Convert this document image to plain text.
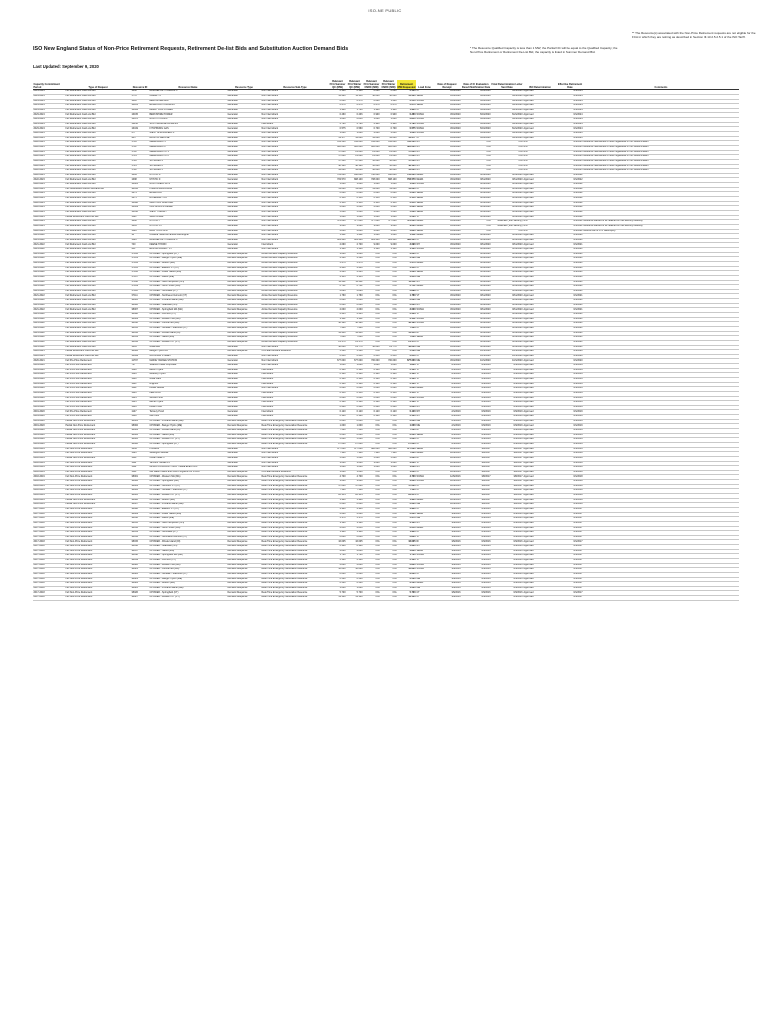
ISO-NE PUBLIC
ISO New England Status of Non-Price Retirement Requests, Retirement De-list Bids and Substitution Auction Demand Bids
Last Updated: September 9, 2020
* The Resource Qualified Capacity is less than 1 MW; the Partial NC will be equal to the Qualified Capacity; the Non-Price Retirement or Retirement De-List Bid, the capacity is listed in Summer Demand Bid.
** The Resource(s) associated with the Non-Price Retirement requests are not eligible for the FCA in which they are retiring as described in Section III.13.2.5.2.5.1 of the ISO Tariff.
Capacity Commitment Period	Type of Request	Resource ID	Resource Name	Resource Type	Resource Sub-Type	Relevant FCA Summer QC (MW)	Relevant FCA Winter QC (MW)	Relevant FCA Summer CNRC (MW)	Relevant FCA Winter CNRC (MW)	Retirement MW Requested	Load Zone	Date of Request Receipt	Date of IC Evaluation Result Notification Date	Final Determination Letter Sent Date	ISO Determination	Effective Retirement Date	Comments
2023-2024	Full Retirement Card-List Bid	1440	BRIDGEPORT HARBOR 3	Generator	Non Intermittent	0.100	0.100	0.000	0.000	0.100	CT	3/16/2020	6/16/2020	6/21/2020	Approved	6/1/2024	
2023-2024	Full Retirement Card-List Bid	1778	CLEARY 9	Generator	Non Intermittent	14.420	11.350	18.000	18.000	14.420	SEMA	3/16/2020	6/16/2020	6/21/2020	Approved	6/1/2024	
2023-2024	Full Retirement Card-List Bid	1418	BERKSHIRE MILL	Generator	Non Intermittent	0.000	0.570	0.000	1.200	0.510	WCMA	3/16/2020	6/16/2020	6/21/2020	Approved	6/1/2024	
2023-2024	Full Retirement Card-List Bid	14101	ELMWOOD HOLDINGS	Generator	Non Intermittent	0.270	0.270	0.270	0.270	0.270	SEMA	3/16/2020	6/16/2020	6/21/2020	Approved	6/1/2024	
2023-2024	Full Retirement Card-List Bid	16093	DERBY LOW POWER	Generator	Non Intermittent	1.900	1.700	1.900	1.900	1.900	CT	3/16/2020	6/16/2020	6/21/2020	Approved	6/1/2024	
2023-2024	Full Retirement Card-List Bid	16165	BERKSHIRE POWER	Generator	Non Intermittent	0.260	0.236	0.900	0.900	0.260	WCMA	3/16/2020	6/16/2020	6/21/2020	Approved	6/1/2024	
2023-2024	Full Retirement Card-List Bid	12076	NORTH HOOSIC	Generator	Non Intermittent	1.000	0.810	1.000	1.000	0.810	WCMA	3/16/2020	6/16/2020	6/21/2020	Approved	6/1/2024	
2023-2024	Full Retirement Card-List Bid	12210	SOUTHBRIDGE LANDFILL	Generator	Intermittent	2.790	2.790	2.900	2.900	2.790	WCMA	3/16/2020	6/16/2020	6/21/2020	Approved	6/1/2024	
2023-2024	Full Retirement Card-List Bid	16419	FITCHBURG GAS	Generator	Non Intermittent	0.575	0.560	0.700	0.700	0.575	WCMA	3/16/2020	6/16/2020	6/21/2020	Approved	6/1/2024	
2022-2023	Full Retirement Card-List Bid	477	WEST SPRINGFIELD 3	Generator	Non Intermittent	1.000	1.000	4.000	4.000	1.000	WCMA	3/16/2020	6/16/2020	6/21/2020	Approved	6/1/2023	
2022-2023	Full Retirement Card-List Bid	485	BRISTOL REFUSE	Generator	Non Intermittent	13.377	14.000	14.000	14.000	13.377	CT	3/16/2020	6/16/2020	6/21/2020	Approved	6/1/2023	
2022-2023	Full Retirement Card-List Bid	1710	MERRIMACK 1	Generator	Non Intermittent	113.500	114.000	114.000	114.000	113.500	NH	3/16/2020	N/A	N/A	N/A	6/1/2023	Resource has elected to retire regardless of ISO Determination
2022-2023	Full Retirement Card-List Bid	1711	MERRIMACK 2	Generator	Non Intermittent	320.000	326.000	326.000	326.000	320.000	NH	3/16/2020	N/A	N/A	N/A	6/1/2023	Resource has elected to retire regardless of ISO Determination
2022-2023	Full Retirement Card-List Bid	1712	MERRIMACK CT1	Generator	Non Intermittent	17.000	21.000	21.000	21.000	17.000	NH	3/16/2020	N/A	N/A	N/A	6/1/2023	Resource has elected to retire regardless of ISO Determination
2022-2023	Full Retirement Card-List Bid	1713	MERRIMACK CT2	Generator	Non Intermittent	17.000	21.000	21.000	21.000	17.000	NH	3/16/2020	N/A	N/A	N/A	6/1/2023	Resource has elected to retire regardless of ISO Determination
2022-2023	Full Retirement Card-List Bid	1720	SCHILLER 4	Generator	Non Intermittent	47.500	47.500	50.000	50.000	47.500	NH	3/16/2020	N/A	N/A	N/A	6/1/2023	Resource has elected to retire regardless of ISO Determination
2022-2023	Full Retirement Card-List Bid	1721	SCHILLER 6	Generator	Non Intermittent	48.120	48.120	50.000	50.000	48.120	NH	3/16/2020	N/A	N/A	N/A	6/1/2023	Resource has elected to retire regardless of ISO Determination
2022-2023	Full Retirement Card-List Bid	1722	SCHILLER 5	Generator	Non Intermittent	44.000	44.000	46.000	46.000	44.000	NH	3/16/2020	N/A	N/A	N/A	6/1/2023	Resource has elected to retire regardless of ISO Determination
2022-2023	Full Retirement Card-List Bid	1699	MYSTIC 8	Generator	Non Intermittent	703.000	810.800	708.000	810.800	703.000	NEMA	3/16/2020	8/11/2020	8/11/2020	Approved	6/1/2022	
2022-2023	Full Retirement Card-List Bid	1698	MYSTIC 9	Generator	Non Intermittent	703.570	808.100	708.000	808.100	703.570	NEMA	3/16/2020	8/11/2020	8/11/2020	Approved	6/1/2022	
2022-2023	Full Retirement Card-List Bid	14381	NORTHFIELD MTN	Generator	Non Intermittent	1.000	1.000	1.000	1.000	1.000	WCMA	3/16/2020	8/11/2020	8/11/2020	Approved	6/1/2022	
2022-2023	Full Substitution Auction Demand Bid	38012	LISBON RESOURCE	Generator	Non Intermittent	13.000	13.000	13.000	13.000	13.000	CT	3/16/2020	8/11/2020	8/11/2020	Approved	6/1/2022	
2022-2023	Full Retirement Card-List Bid	3274	ELMWOOD	Generator	Non Intermittent	0.000	0.000	0.000	0.000	0.000	SEMA	3/16/2020	8/11/2020	8/11/2020	Approved	6/1/2022	
2022-2023	Full Retirement Card-List Bid	3275	ROSEMARY CO	Generator	Non Intermittent	0.150	0.150	0.150	0.150	0.150	SEMA	3/16/2020	8/11/2020	8/11/2020	Approved	6/1/2022	
2022-2023	Full Retirement Card-List Bid	14308	MARTHAS VINEYARD	Generator	Non Intermittent	2.350	2.350	2.350	2.350	2.350	SEMA	3/16/2020	8/11/2020	8/11/2020	Approved	6/1/2022	
2022-2023	Full Retirement Card-List Bid	14309	OAK BLUFFS DIESEL	Generator	Non Intermittent	2.000	2.000	2.000	2.000	2.000	SEMA	3/16/2020	8/11/2020	8/11/2020	Approved	6/1/2022	
2022-2023	Full Retirement Card-List Bid	14310	WEST TISBURY	Generator	Non Intermittent	5.000	5.000	5.000	5.000	5.000	SEMA	3/16/2020	8/11/2020	8/11/2020	Approved	6/1/2022	
2022-2023	Partial Retirement Card-List Bid	1121	WALL RIVER	Generator	Non Intermittent	1.000	1.000	1.000	1.000	0.500	VT	3/16/2020	8/11/2020	8/11/2020	Approved	6/1/2022	
2022-2023	Full Retirement Card-List Bid	1690	MYSTIC 7	Generator	Non Intermittent	572.000	577.000	577.000	577.000	572.000	NEMA	3/16/2020	N/A	Reached (Test Security)	N/A	6/1/2022	Resource elected to be retained for fuel security reliability
2022-2023	Full Retirement Card-List Bid	1691	MYSTIC CT	Generator	Non Intermittent	9.000	9.000	9.000	9.000	9.000	NEMA	3/16/2020	N/A	Reached (Test Security)	N/A	6/1/2022	Resource elected to be retained for fuel security reliability
2022-2023	Full Retirement Card-List Bid	1109	BRAYTON POINT	Generator	Non Intermittent	4.800	4.800	4.800	4.800	4.800	SEMA	3/16/2020	N/A	N/A	N/A	6/1/2022	Retired due to U.S. Bankruptcy
2021-2022	Full Retirement Card-List Bid	10	Covanta Haverhill Landfill Gas Engine	Generator	Non Intermittent	1.442	1.442	1.600	1.600	1.442	NEMA	3/16/2020	8/11/2020	8/11/2020	Approved	6/1/2021	
2021-2022	Full Retirement Card-List Bid	1106	BRIDGEPORT HARBOR 3	Generator	Non Intermittent	383.400	383.400	383.400	383.400	383.400	CT	3/16/2020	8/11/2020	8/11/2020	Approved	6/1/2021	
2021-2022	Full Retirement Card-List Bid	740	KEENE HYDRO	Generator	Intermittent	2.090	2.700	9.000	9.000	2.090	NH	3/16/2020	8/11/2020	8/11/2020	Approved	6/1/2021	
2021-2022	Full Retirement Card-List Bid	951	ERVING PAPER - CT	Generator	Non Intermittent	1.100	1.100	1.100	1.100	1.100	WCMA	3/16/2020	8/11/2020	8/11/2020	Approved	6/1/2021	
2021-2022	Full Retirement Card-List Bid	37102	CPOWER - Springfield (CT)	Demand Response	Active Demand Capacity Resource	3.000	3.000	N/A	N/A	3.000	CT	3/16/2020	8/11/2020	8/11/2020	Approved	6/1/2021	
2021-2022	Full Retirement Card-List Bid	37103	CPOWER - Bangor Hydro (ME)	Demand Response	Active Demand Capacity Resource	4.500	4.500	N/A	N/A	4.500	ME	3/16/2020	8/11/2020	8/11/2020	Approved	6/1/2021	
2021-2022	Full Retirement Card-List Bid	37104	CPOWER - Boston (MA)	Demand Response	Active Demand Capacity Resource	5.476	5.476	N/A	N/A	5.476	NEMA	3/16/2020	8/11/2020	8/11/2020	Approved	6/1/2021	
2021-2022	Full Retirement Card-List Bid	37105	CPOWER - Eastern CT (CT)	Demand Response	Active Demand Capacity Resource	4.440	4.440	N/A	N/A	4.440	CT	3/16/2020	8/11/2020	8/11/2020	Approved	6/1/2021	
2021-2022	Full Retirement Card-List Bid	37106	CPOWER - Lower SEMA (MA)	Demand Response	Active Demand Capacity Resource	4.263	4.263	N/A	N/A	4.263	SEMA	3/16/2020	8/11/2020	8/11/2020	Approved	6/1/2021	
2021-2022	Full Retirement Card-List Bid	37107	CPOWER - Maine (ME)	Demand Response	Active Demand Capacity Resource	4.313	4.313	N/A	N/A	4.313	ME	3/16/2020	8/11/2020	8/11/2020	Approved	6/1/2021	
2021-2022	Full Retirement Card-List Bid	37108	CPOWER - New Hampshire (NH)	Demand Response	Active Demand Capacity Resource	11.542	11.542	N/A	N/A	11.542	NH	3/16/2020	8/11/2020	8/11/2020	Approved	6/1/2021	
2021-2022	Full Retirement Card-List Bid	37109	CPOWER - North Shore (MA)	Demand Response	Active Demand Capacity Resource	0.712	0.712	N/A	N/A	0.712	NEMA	3/16/2020	8/11/2020	8/11/2020	Approved	6/1/2021	
2021-2022	Full Retirement Card-List Bid	37110	CPOWER - Northeast (CT)	Demand Response	Active Demand Capacity Resource	2.899	2.899	N/A	N/A	2.899	CT	3/16/2020	8/11/2020	8/11/2020	Approved	6/1/2021	
2021-2022	Full Retirement Card-List Bid	37111	CPOWER - Northwest Vermont (VT)	Demand Response	Active Demand Capacity Resource	1.760	1.760	N/A	N/A	1.760	VT	3/16/2020	8/11/2020	8/11/2020	Approved	6/1/2021	
2021-2022	Full Retirement Card-List Bid	38005	CPOWER - Portland Maine (ME)	Demand Response	Active Demand Capacity Resource	0.000	0.000	N/A	N/A	0.000	ME	3/16/2020	8/11/2020	8/11/2020	Approved	6/1/2021	
2021-2022	Full Retirement Card-List Bid	38006	CPOWER - Seacoast (NH)	Demand Response	Active Demand Capacity Resource	0.000	0.000	N/A	N/A	0.000	NH	3/16/2020	8/11/2020	8/11/2020	Approved	6/1/2021	
2021-2022	Full Retirement Card-List Bid	38007	CPOWER - Springfield MA (MA)	Demand Response	Active Demand Capacity Resource	2.030	2.030	N/A	N/A	2.030	WCMA	3/16/2020	8/11/2020	8/11/2020	Approved	6/1/2021	
2021-2022	Full Retirement Card-List Bid	38008	CPOWER - Vermont (VT)	Demand Response	Active Demand Capacity Resource	2.433	2.433	N/A	N/A	2.433	VT	3/16/2020	8/11/2020	8/11/2020	Approved	6/1/2021	
2021-2022	Full Retirement Card-List Bid	38009	CPOWER - Western MA (MA)	Demand Response	Active Demand Capacity Resource	3.142	3.142	N/A	N/A	3.142	WCMA	3/16/2020	8/11/2020	8/11/2020	Approved	6/1/2021	
2021-2022	Full Retirement Card-List Bid	38010	CPOWER - Central MA (MA)	Demand Response	Active Demand Capacity Resource	18.180	18.180	N/A	N/A	18.180	WCMA	3/16/2020	8/11/2020	8/11/2020	Approved	6/1/2021	
2021-2022	Full Retirement Card-List Bid	38011	CPOWER - Norwalk - Stamford (CT)	Demand Response	Active Demand Capacity Resource	7.400	7.400	N/A	N/A	7.400	CT	3/16/2020	8/11/2020	8/11/2020	Approved	6/1/2021	
2021-2022	Full Retirement Card-List Bid	38012	CPOWER - Rhode Island (RI)	Demand Response	Active Demand Capacity Resource	14.440	14.440	N/A	N/A	14.440	RI	3/16/2020	8/11/2020	8/11/2020	Approved	6/1/2021	
2021-2022	Full Retirement Card-List Bid	38013	CPOWER - SEMA (MA)	Demand Response	Active Demand Capacity Resource	7.000	7.000	N/A	N/A	7.000	SEMA	3/16/2020	8/11/2020	8/11/2020	Approved	6/1/2021	
2021-2022	Full Retirement Card-List Bid	38014	CPOWER - Western CT (CT)	Demand Response	Active Demand Capacity Resource	21.170	21.170	N/A	N/A	21.170	CT	3/16/2020	8/11/2020	8/11/2020	Approved	6/1/2021	
2021-2022	Full Retirement Card-List Bid	1691	Greenville	Generator	Non Intermittent	18.000	23.770	18.000	23.770	18.000	ME	3/16/2020	8/11/2020	8/11/2020	Approved	6/1/2021	
2020-2021	Partial Retirement Card-List Bid	38002	Bangor Hydro DR	Demand Response	On-Peak Demand Resource	5.500	5.500	N/A	N/A	5.500	ME	3/16/2020	10/1/2020	10/1/2020	Approved	6/1/2020	
2020-2021	Partial Retirement Card-List Bid	14099	GOODWIN STREET	Generator	Non Intermittent	0.250	0.250	0.250	0.250	0.250	CT	3/16/2020	10/1/2020	10/1/2020	Approved	6/1/2020	
2020-2021	Full Pre-Price Retirement	11797	MAINE YANKEE STATION	Generator	Non Intermittent	677.000	677.000	700.000	700.000	677.000	ME	3/16/2020	10/1/2020	10/1/2020	Approved	6/1/2020	
2019-2020	Full Pre-Price Retirement	737	Swanton Coast Corporate	Generator	Non Intermittent	1.800	1.800	1.800	1.800	1.800	VT	2/1/2019	6/3/2019	6/3/2019	Approved	6/1/2019	
2019-2020	Full Pre-Price Retirement	1138	Barton Hydro	Generator	Intermittent	0.100	0.100	0.100	0.100	0.100	VT	2/1/2019	6/3/2019	6/3/2019	Approved	6/1/2019	
2019-2020	Full Pre-Price Retirement	1139	Newbury Hydro	Generator	Intermittent	0.160	0.160	0.300	0.300	0.160	VT	2/1/2019	6/3/2019	6/3/2019	Approved	6/1/2019	
2019-2020	Full Pre-Price Retirement	1140	Great Falls	Generator	Intermittent	0.130	0.130	0.130	0.130	0.130	VT	2/1/2019	6/3/2019	6/3/2019	Approved	6/1/2019	
2019-2020	Full Pre-Price Retirement	1141	Brighton	Generator	Intermittent	0.100	0.100	0.100	0.100	0.100	VT	2/1/2019	6/3/2019	6/3/2019	Approved	6/1/2019	
2019-2020	Full Pre-Price Retirement	1142	Lowell Landfill	Generator	Non Intermittent	0.000	0.000	0.000	0.000	0.000	NEMA	2/1/2019	6/3/2019	6/3/2019	Approved	6/1/2019	
2019-2020	Full Pre-Price Retirement	1143	Lake Front	Generator	Intermittent	0.150	0.150	0.150	0.150	0.150	VT	2/1/2019	6/3/2019	6/3/2019	Approved	6/1/2019	
2019-2020	Full Pre-Price Retirement	1144	Woods Pond	Generator	Intermittent	0.000	0.000	0.000	0.000	0.000	WCMA	2/1/2019	6/3/2019	6/3/2019	Approved	6/1/2019	
2019-2020	Full Pre-Price Retirement	1145	Barnet Hydro	Generator	Intermittent	0.160	0.160	0.160	0.160	0.160	VT	2/1/2019	6/3/2019	6/3/2019	Approved	6/1/2019	
2019-2020	Full Pre-Price Retirement	1146	Lower Pond	Generator	Intermittent	0.200	0.200	0.200	0.200	0.200	NH	2/1/2019	6/3/2019	6/3/2019	Approved	6/1/2019	
2019-2020	Full Pre-Price Retirement	1147	Tannery Pond	Generator	Intermittent	0.120	0.120	0.120	0.120	0.120	NH	2/1/2019	6/3/2019	6/3/2019	Approved	6/1/2019	
2019-2020	Full Pre-Price Retirement	1148	Mill Pond	Generator	Intermittent	0.100	0.100	0.100	0.100	0.100	NH	2/1/2019	6/3/2019	6/3/2019	Approved	6/1/2019	
2019-2020	Partial Non-Price Retirement	38001	CPOWER - Portland Maine (ME)	Demand Response	Real-Time Emergency Generation Resource	0.000	0.000	N/A	N/A	0.000	ME	2/1/2019	6/3/2019	6/3/2019	Approved	6/1/2019	
2019-2020	Partial Non-Price Retirement	38002	CPOWER - Bangor Hydro (ME)	Demand Response	Real-Time Emergency Generation Resource	1.000	1.000	N/A	N/A	1.000	ME	2/1/2019	6/3/2019	6/3/2019	Approved	6/1/2019	
2019-2020	Partial Non-Price Retirement	38003	CPOWER - Rhode Island (RI)	Demand Response	Real-Time Emergency Generation Resource	7.500	7.500	N/A	N/A	7.500	RI	2/1/2019	6/3/2019	6/3/2019	Approved	6/1/2019	
2019-2020	Partial Non-Price Retirement	38004	CPOWER - SEMA (MA)	Demand Response	Real-Time Emergency Generation Resource	6.000	6.000	N/A	N/A	6.000	SEMA	2/1/2019	6/3/2019	6/3/2019	Approved	6/1/2019	
2019-2020	Partial Non-Price Retirement	38005	CPOWER - Western CT (CT)	Demand Response	Real-Time Emergency Generation Resource	5.000	5.000	N/A	N/A	5.000	CT	2/1/2019	6/3/2019	6/3/2019	Approved	6/1/2019	
2019-2020	Partial Non-Price Retirement	38006	CPOWER - Springfield (CT)	Demand Response	Real-Time Emergency Generation Resource	27.000	27.000	N/A	N/A	27.000	CT	2/1/2019	6/3/2019	6/3/2019	Approved	6/1/2019	
2018-2019	Full Non-Price Retirement	1669	PILGRIM	Generator	Non Intermittent	677.000	677.000	680.000	680.000	677.000	SEMA	12/9/2016	3/8/2017	3/8/2017	Approved	6/1/2019	
2018-2019	Full Non-Price Retirement	1123	Wellington Refuse	Generator	Non Intermittent	7.300	7.300	7.300	7.300	7.300	NEMA	12/9/2016	3/8/2017	3/8/2017	Approved	6/1/2018	
2018-2019	Partial Non-Price Retirement	1110	Ocean State II	Generator	Non Intermittent	5.000	5.000	5.000	5.000	5.000	RI	12/9/2016	3/8/2017	3/8/2017	Approved	6/1/2018	
2018-2019	Full Non-Price Retirement	1111	Vermont Yankee 15	Generator	Non Intermittent	3.000	3.000	3.000	3.000	3.000	VT	12/9/2016	3/8/2017	3/8/2017	Approved	6/1/2018	
2018-2019	Full Non-Price Retirement	1112	MPWR CONCORD - NRG THREE ELECTRIC	Generator	Non Intermittent	1.000	1.000	1.000	1.000	1.000	NH	12/9/2016	3/8/2017	3/8/2017	Approved	6/1/2018	
2018-2019	Full Non-Price Retirement	1113	Mill Water Haven and Tolco Programs OP PCAS	Demand Response	On-Peak Demand Resource	1.000	1.000	N/A	N/A	1.000	CT	12/9/2016	3/8/2017	3/8/2017	Approved	6/1/2018	
2018-2019	Full Non-Price Retirement	38001	CPOWER - Western MA (MA)	Demand Response	Real-Time Emergency Generation Resource	4.700	4.700	N/A	N/A	4.700	WCMA	12/9/2016	3/8/2017	3/8/2017	Approved	6/1/2018	
2018-2019	Full Non-Price Retirement	38002	CPOWER - Springfield (MA)	Demand Response	Real-Time Emergency Generation Resource	3.600	3.600	N/A	N/A	3.600	WCMA	12/9/2016	3/8/2017	3/8/2017	Approved	6/1/2018	
2018-2019	Full Non-Price Retirement	38003	CPOWER - Northern CT (CT)	Demand Response	Real-Time Emergency Generation Resource	47.000	47.000	N/A	N/A	47.000	CT	12/9/2016	3/8/2017	3/8/2017	Approved	6/1/2018	
2018-2019	Full Non-Price Retirement	38004	CPOWER - Norwalk - Stamford (CT)	Demand Response	Real-Time Emergency Generation Resource	7.100	7.100	N/A	N/A	7.100	CT	12/9/2016	3/8/2017	3/8/2017	Approved	6/1/2018	
2018-2019	Full Non-Price Retirement	38005	CPOWER - Western CT (CT)	Demand Response	Real-Time Emergency Generation Resource	26.354	26.354	N/A	N/A	26.354	CT	12/9/2016	3/8/2017	3/8/2017	Approved	6/1/2018	
2018-2019	Partial Non-Price Retirement	38006	CPOWER - Boston (MA)	Demand Response	Real-Time Emergency Generation Resource	1.900	1.900	N/A	N/A	1.900	NEMA	12/9/2016	3/8/2017	3/8/2017	Approved	6/1/2018	
2018-2019	Partial Non-Price Retirement	38007	CPOWER - Portland Maine (ME)	Demand Response	Real-Time Emergency Generation Resource	0.600	0.600	N/A	N/A	0.600	ME	12/9/2016	3/8/2017	3/8/2017	Approved	6/1/2018	
2017-2018	Full Non-Price Retirement	38008	CPOWER - Eastern CT (CT)	Demand Response	Real-Time Emergency Generation Resource	4.930	4.930	N/A	N/A	4.930	CT	3/9/2016	6/3/2016	6/3/2016	Approved	6/1/2017	
2017-2018	Full Non-Price Retirement	38009	CPOWER - Lower SEMA (MA)	Demand Response	Real-Time Emergency Generation Resource	2.600	2.600	N/A	N/A	2.600	SEMA	3/9/2016	6/3/2016	6/3/2016	Approved	6/1/2017	
2017-2018	Full Non-Price Retirement	38010	CPOWER - Maine (ME)	Demand Response	Real-Time Emergency Generation Resource	5.370	5.370	N/A	N/A	5.370	ME	3/9/2016	6/3/2016	6/3/2016	Approved	6/1/2017	
2017-2018	Full Non-Price Retirement	38011	CPOWER - New Hampshire (NH)	Demand Response	Real-Time Emergency Generation Resource	3.160	3.160	N/A	N/A	3.160	NH	3/9/2016	6/3/2016	6/3/2016	Approved	6/1/2017	
2017-2018	Full Non-Price Retirement	38012	CPOWER - North Shore (MA)	Demand Response	Real-Time Emergency Generation Resource	2.050	2.050	N/A	N/A	2.050	NEMA	3/9/2016	6/3/2016	6/3/2016	Approved	6/1/2017	
2017-2018	Full Non-Price Retirement	38013	CPOWER - Northeast (CT)	Demand Response	Real-Time Emergency Generation Resource	1.900	1.900	N/A	N/A	1.900	CT	3/9/2016	6/3/2016	6/3/2016	Approved	6/1/2017	
2017-2018	Full Non-Price Retirement	38014	CPOWER - Northwest Vermont (VT)	Demand Response	Real-Time Emergency Generation Resource	0.800	0.800	N/A	N/A	0.800	VT	3/9/2016	6/3/2016	6/3/2016	Approved	6/1/2017	
2017-2018	Full Non-Price Retirement	38015	CPOWER - Rhode Island (RI)	Demand Response	Real-Time Emergency Generation Resource	16.005	16.005	N/A	N/A	16.005	RI	3/9/2016	6/3/2016	6/3/2016	Approved	6/1/2017	
2017-2018	Full Non-Price Retirement	38016	CPOWER - Seacoast (NH)	Demand Response	Real-Time Emergency Generation Resource	0.300	0.300	N/A	N/A	0.300	NH	3/9/2016	6/3/2016	6/3/2016	Approved	6/1/2017	
2017-2018	Full Non-Price Retirement	38017	CPOWER - SEMA (MA)	Demand Response	Real-Time Emergency Generation Resource	4.800	4.800	N/A	N/A	4.800	SEMA	3/9/2016	6/3/2016	6/3/2016	Approved	6/1/2017	
2017-2018	Full Non-Price Retirement	38018	CPOWER - Springfield MA (MA)	Demand Response	Real-Time Emergency Generation Resource	1.700	1.700	N/A	N/A	1.700	WCMA	3/9/2016	6/3/2016	6/3/2016	Approved	6/1/2017	
2017-2018	Full Non-Price Retirement	38019	CPOWER - Vermont (VT)	Demand Response	Real-Time Emergency Generation Resource	2.100	2.100	N/A	N/A	2.100	VT	3/9/2016	6/3/2016	6/3/2016	Approved	6/1/2017	
2017-2018	Full Non-Price Retirement	38020	CPOWER - Western MA (MA)	Demand Response	Real-Time Emergency Generation Resource	2.800	2.800	N/A	N/A	2.800	WCMA	3/9/2016	6/3/2016	6/3/2016	Approved	6/1/2017	
2017-2018	Full Non-Price Retirement	38021	CPOWER - Central MA (MA)	Demand Response	Real-Time Emergency Generation Resource	10.600	10.600	N/A	N/A	10.600	WCMA	3/9/2016	6/3/2016	6/3/2016	Approved	6/1/2017	
2017-2018	Full Non-Price Retirement	38022	CPOWER - Norwalk - Stamford (CT)	Demand Response	Real-Time Emergency Generation Resource	8.000	8.000	N/A	N/A	8.000	CT	3/9/2016	6/3/2016	6/3/2016	Approved	6/1/2017	
2017-2018	Full Non-Price Retirement	38023	CPOWER - Bangor Hydro (ME)	Demand Response	Real-Time Emergency Generation Resource	0.500	0.500	N/A	N/A	0.500	ME	3/9/2016	6/3/2016	6/3/2016	Approved	6/1/2017	
2017-2018	Full Non-Price Retirement	38024	CPOWER - Boston (MA)	Demand Response	Real-Time Emergency Generation Resource	6.500	6.500	N/A	N/A	6.500	NEMA	3/9/2016	6/3/2016	6/3/2016	Approved	6/1/2017	
2017-2018	Full Non-Price Retirement	38025	CPOWER - Portland Maine (ME)	Demand Response	Real-Time Emergency Generation Resource	1.000	1.000	N/A	N/A	1.000	ME	3/9/2016	6/3/2016	6/3/2016	Approved	6/1/2017	
2017-2018	Full Non-Price Retirement	38026	CPOWER - Springfield (CT)	Demand Response	Real-Time Emergency Generation Resource	5.700	5.700	N/A	N/A	5.700	CT	3/9/2016	6/3/2016	6/3/2016	Approved	6/1/2017	
2017-2018	Full Non-Price Retirement	38027	CPOWER - Western CT (CT)	Demand Response	Real-Time Emergency Generation Resource	13.100	13.100	N/A	N/A	13.100	CT	3/9/2016	6/3/2016	6/3/2016	Approved	6/1/2017	
